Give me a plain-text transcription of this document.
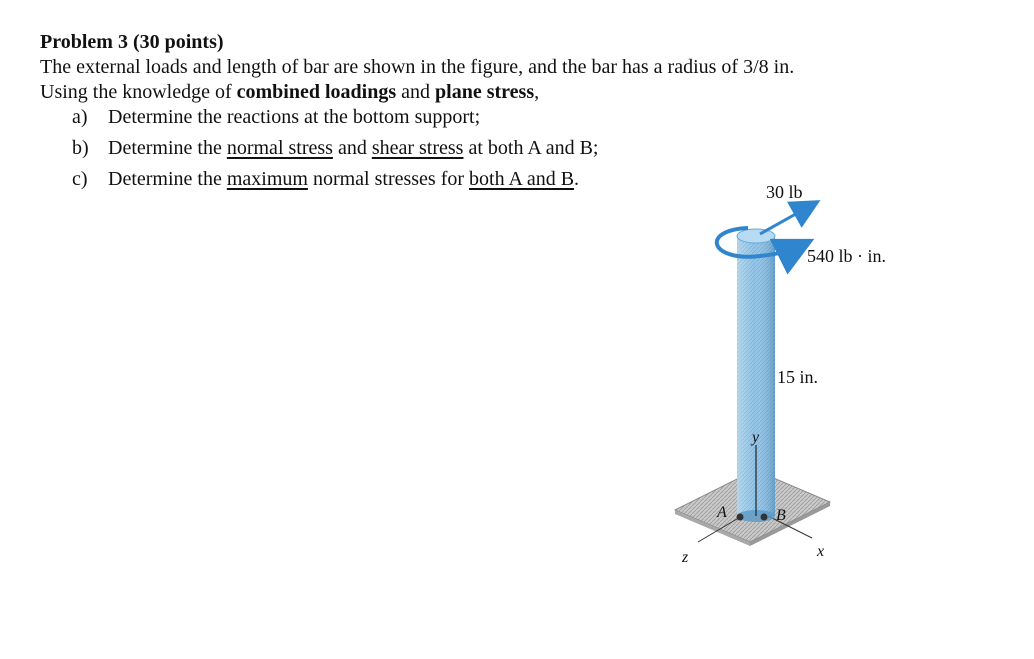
Problem 3 (30 points)
The external loads and length of bar are shown in the figure, and the bar has a radius of 3/8 in.
Using the knowledge of combined loadings and plane stress,
a) Determine the reactions at the bottom support;
b) Determine the normal stress and shear stress at both A and B;
c) Determine the maximum normal stresses for both A and B.
z	x
y
A	B
30 lb
540 lb · in.
15 in.
